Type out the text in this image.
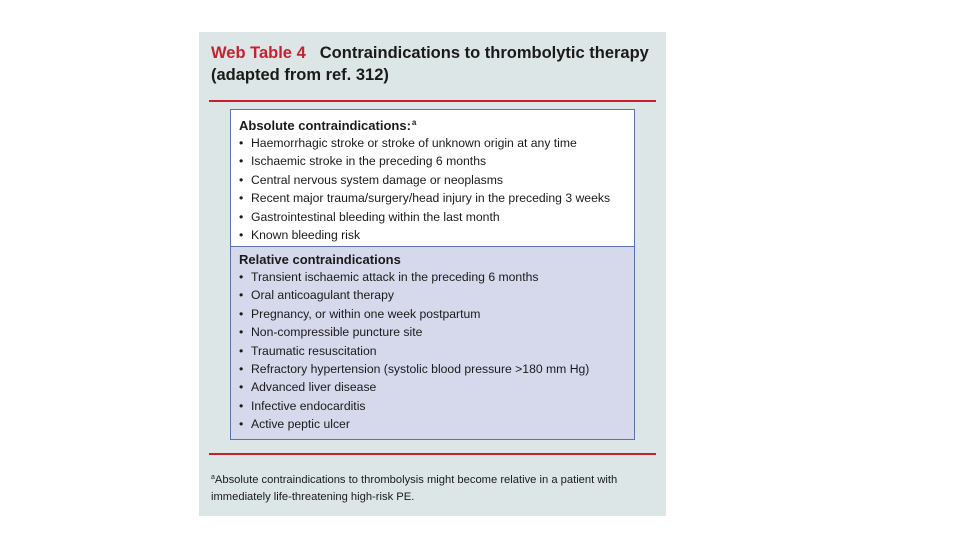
Web Table 4 Contraindications to thrombolytic therapy (adapted from ref. 312)
Absolute contraindications:$^a$
• Haemorrhagic stroke or stroke of unknown origin at any time
• Ischaemic stroke in the preceding 6 months
• Central nervous system damage or neoplasms
• Recent major trauma/surgery/head injury in the preceding 3 weeks
• Gastrointestinal bleeding within the last month
• Known bleeding risk
Relative contraindications
• Transient ischaemic attack in the preceding 6 months
• Oral anticoagulant therapy
• Pregnancy, or within one week postpartum
• Non-compressible puncture site
• Traumatic resuscitation
• Refractory hypertension (systolic blood pressure >180 mm Hg)
• Advanced liver disease
• Infective endocarditis
• Active peptic ulcer
$^a$Absolute contraindications to thrombolysis might become relative in a patient with immediately life-threatening high-risk PE.
